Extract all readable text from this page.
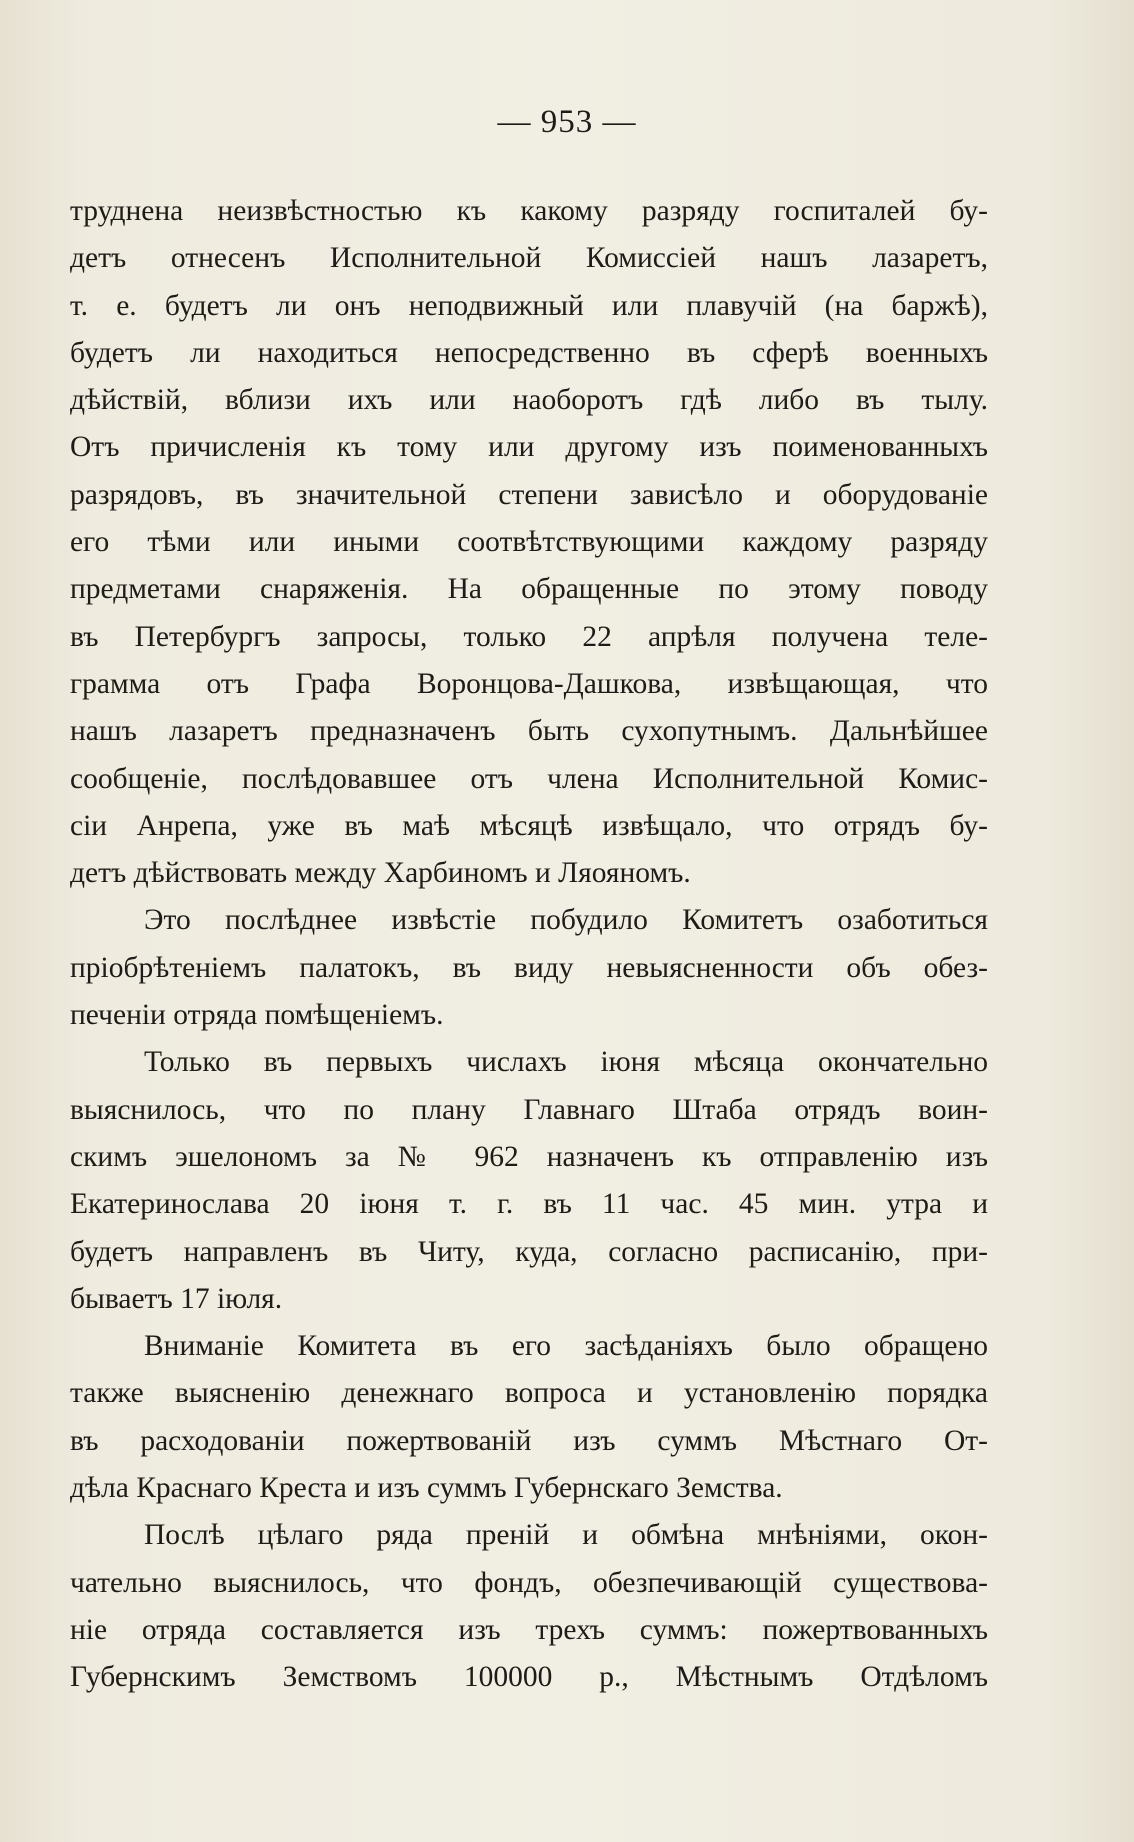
— 953 —
труднена неизвѣстностью къ какому разряду госпиталей бу-
детъ отнесенъ Исполнительной Комиссiей нашъ лазаретъ,
т. е. будетъ ли онъ неподвижный или плавучiй (на баржѣ),
будетъ ли находиться непосредственно въ сферѣ военныхъ
дѣйствiй, вблизи ихъ или наоборотъ гдѣ либо въ тылу.
Отъ причисленiя къ тому или другому изъ поименованныхъ
разрядовъ, въ значительной степени зависѣло и оборудованiе
его тѣми или иными соотвѣтствующими каждому разряду
предметами снаряженiя. На обращенные по этому поводу
въ Петербургъ запросы, только 22 апрѣля получена теле-
грамма отъ Графа Воронцова-Дашкова, извѣщающая, что
нашъ лазаретъ предназначенъ быть сухопутнымъ. Дальнѣйшее
сообщенiе, послѣдовавшее отъ члена Исполнительной Комис-
сiи Анрепа, уже въ маѣ мѣсяцѣ извѣщало, что отрядъ бу-
детъ дѣйствовать между Харбиномъ и Ляояномъ.
Это послѣднее извѣстiе побудило Комитетъ озаботиться
прiобрѣтенiемъ палатокъ, въ виду невыясненности объ обез-
печенiи отряда помѣщенiемъ.
Только въ первыхъ числахъ iюня мѣсяца окончательно
выяснилось, что по плану Главнаго Штаба отрядъ воин-
скимъ эшелономъ за № 962 назначенъ къ отправленiю изъ
Екатеринослава 20 iюня т. г. въ 11 час. 45 мин. утра и
будетъ направленъ въ Читу, куда, согласно расписанiю, при-
бываетъ 17 iюля.
Вниманiе Комитета въ его засѣданiяхъ было обращено
также выясненiю денежнаго вопроса и установленiю порядка
въ расходованiи пожертвованiй изъ суммъ Мѣстнаго От-
дѣла Краснаго Креста и изъ суммъ Губернскаго Земства.
Послѣ цѣлаго ряда пренiй и обмѣна мнѣнiями, окон-
чательно выяснилось, что фондъ, обезпечивающiй существова-
нiе отряда составляется изъ трехъ суммъ: пожертвованныхъ
Губернскимъ Земствомъ 100000 р., Мѣстнымъ Отдѣломъ
